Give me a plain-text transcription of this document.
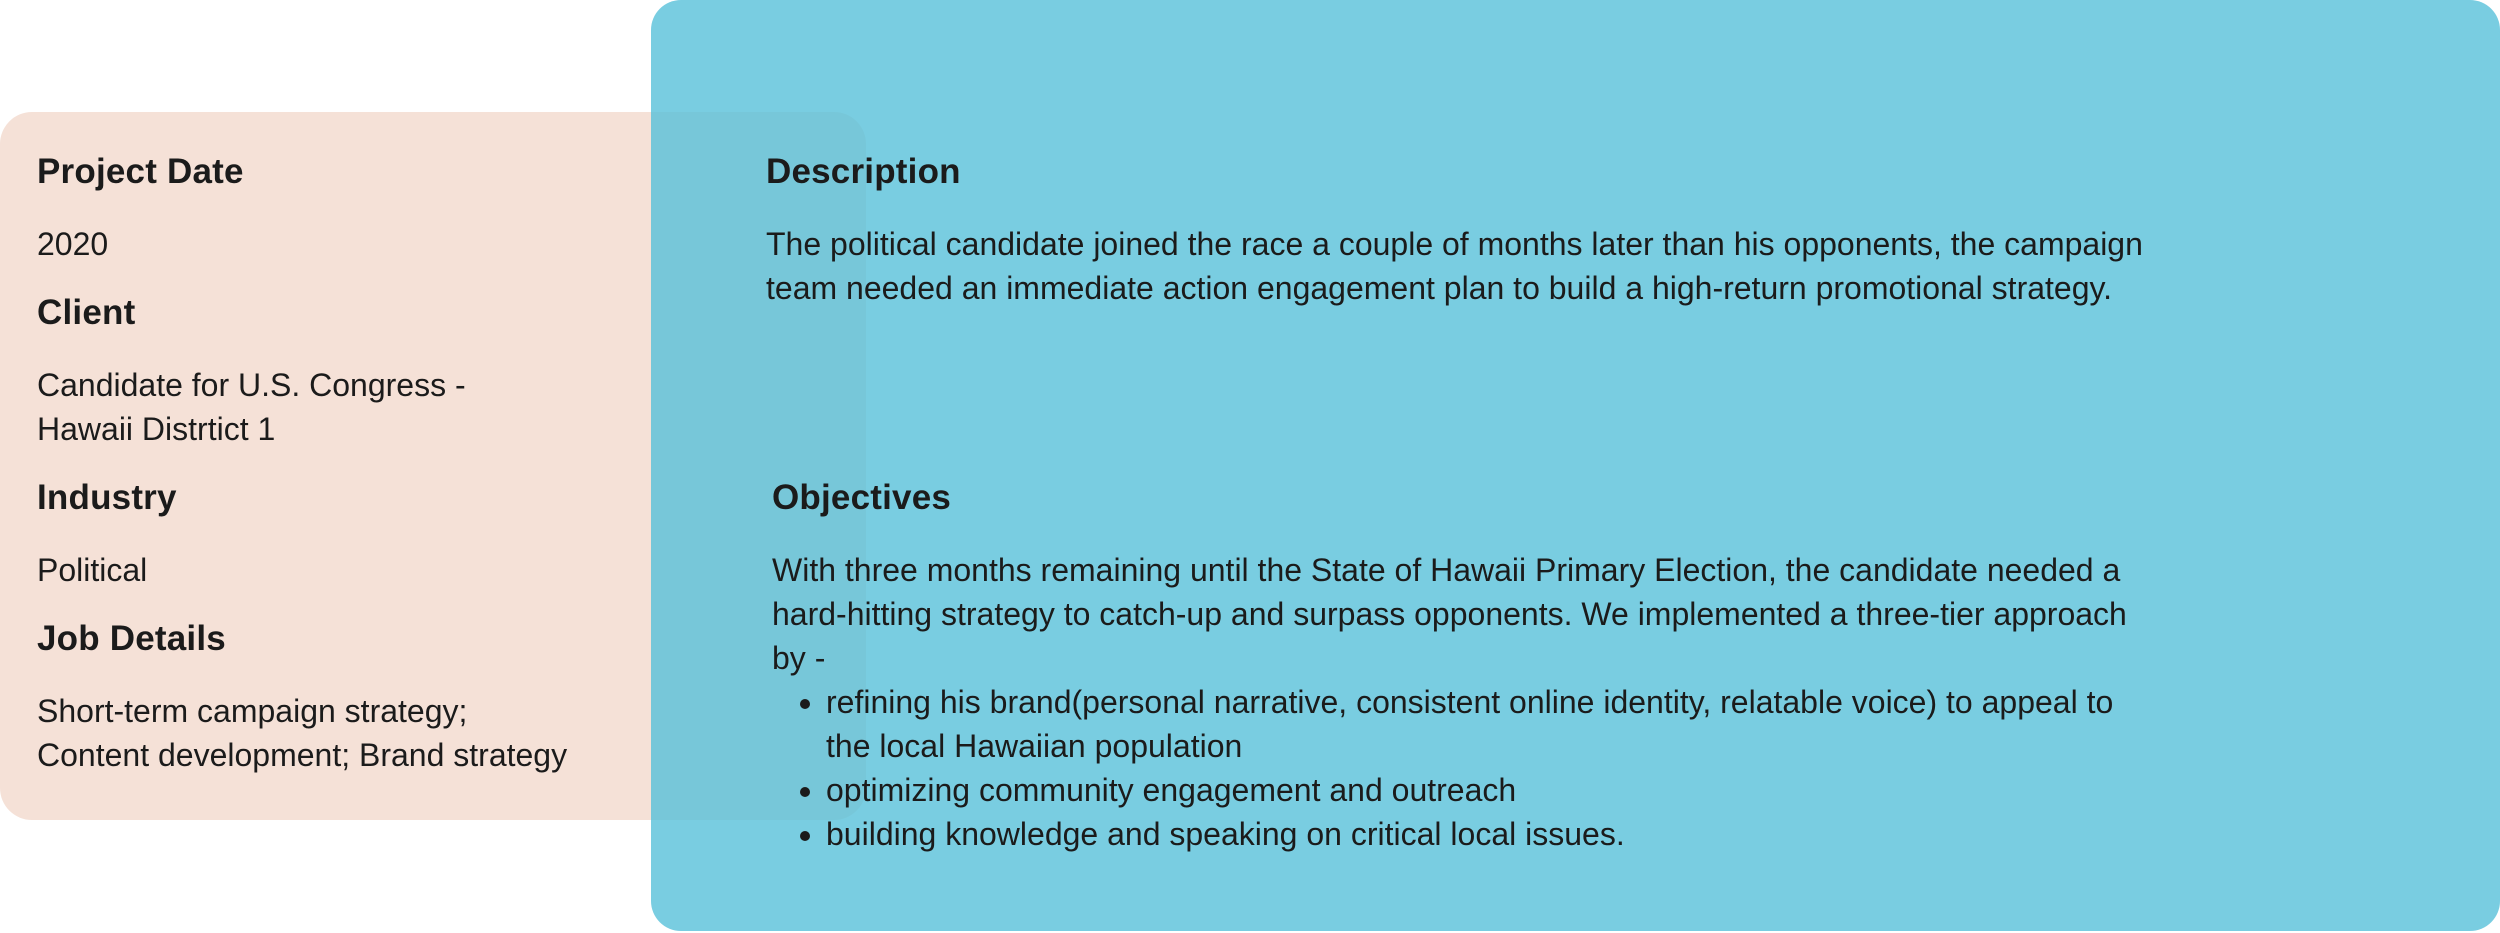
Project Date

2020

Client

Candidate for U.S. Congress -
Hawaii Distrtict 1

Industry

Political

Job Details

Short-term campaign strategy;
Content development; Brand strategy

Description

The political candidate joined the race a couple of months later than his opponents, the campaign team needed an immediate action engagement plan to build a high-return promotional strategy.

Objectives

With three months remaining until the State of Hawaii Primary Election, the candidate needed a hard-hitting strategy to catch-up and surpass opponents. We implemented a three-tier approach by -

• refining his brand(personal narrative, consistent online identity, relatable voice) to appeal to the local Hawaiian population
• optimizing community engagement and outreach
• building knowledge and speaking on critical local issues.
